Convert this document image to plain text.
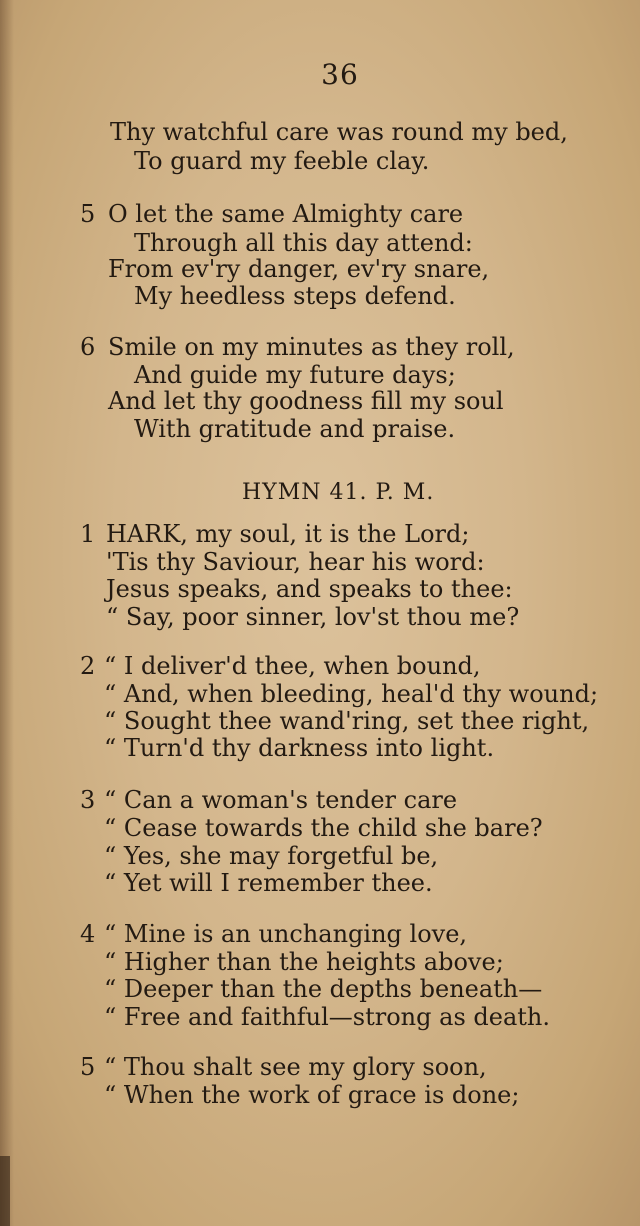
36
Thy watchful care was round my bed,
To guard my feeble clay.
5 O let the same Almighty care
Through all this day attend:
From ev'ry danger, ev'ry snare,
My heedless steps defend.
6 Smile on my minutes as they roll,
And guide my future days;
And let thy goodness fill my soul
With gratitude and praise.
HYMN 41. P. M.
1 HARK, my soul, it is the Lord;
'Tis thy Saviour, hear his word:
Jesus speaks, and speaks to thee:
“ Say, poor sinner, lov'st thou me?
2 “ I deliver'd thee, when bound,
“ And, when bleeding, heal'd thy wound;
“ Sought thee wand'ring, set thee right,
“ Turn'd thy darkness into light.
3 “ Can a woman's tender care
“ Cease towards the child she bare?
“ Yes, she may forgetful be,
“ Yet will I remember thee.
4 “ Mine is an unchanging love,
“ Higher than the heights above;
“ Deeper than the depths beneath—
“ Free and faithful—strong as death.
5 “ Thou shalt see my glory soon,
“ When the work of grace is done;
